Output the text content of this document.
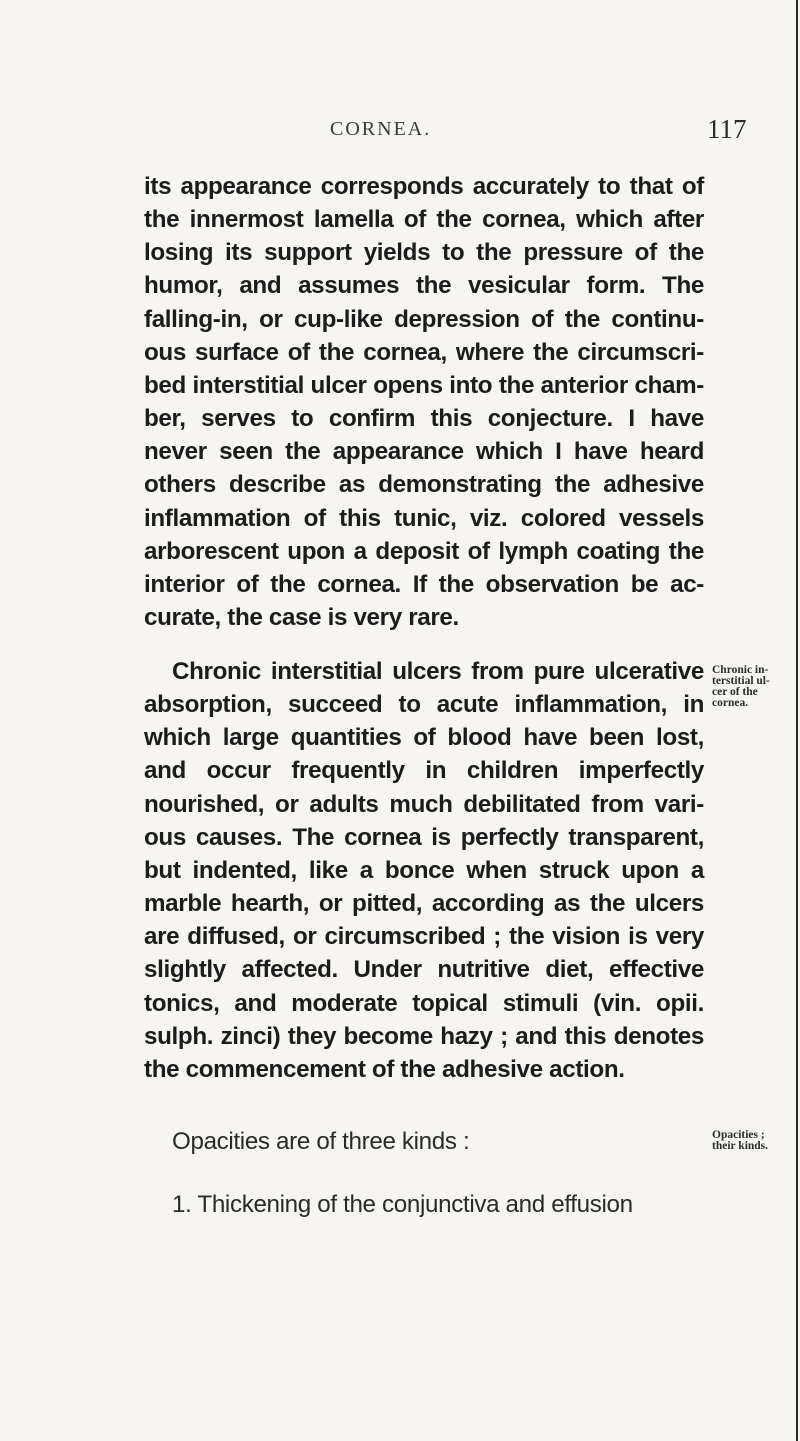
CORNEA.	117

its appearance corresponds accurately to that of the innermost lamella of the cornea, which after losing its support yields to the pressure of the humor, and assumes the vesicular form. The falling-in, or cup-like depression of the continu- ous surface of the cornea, where the circumscri- bed interstitial ulcer opens into the anterior cham- ber, serves to confirm this conjecture. I have never seen the appearance which I have heard others describe as demonstrating the adhesive inflammation of this tunic, viz. colored vessels arborescent upon a deposit of lymph coating the interior of the cornea. If the observation be ac- curate, the case is very rare.

Chronic interstitial ulcers from pure ulcerative absorption, succeed to acute inflammation, in which large quantities of blood have been lost, and occur frequently in children imperfectly nourished, or adults much debilitated from vari- ous causes. The cornea is perfectly transparent, but indented, like a bonce when struck upon a marble hearth, or pitted, according as the ulcers are diffused, or circumscribed ; the vision is very slightly affected. Under nutritive diet, effective tonics, and moderate topical stimuli (vin. opii. sulph. zinci) they become hazy ; and this denotes the commencement of the adhesive action.

Opacities are of three kinds :

1. Thickening of the conjunctiva and effusion

Chronic in-
terstitial ul-
cer of the
cornea.
Opacities ;
their kinds.
